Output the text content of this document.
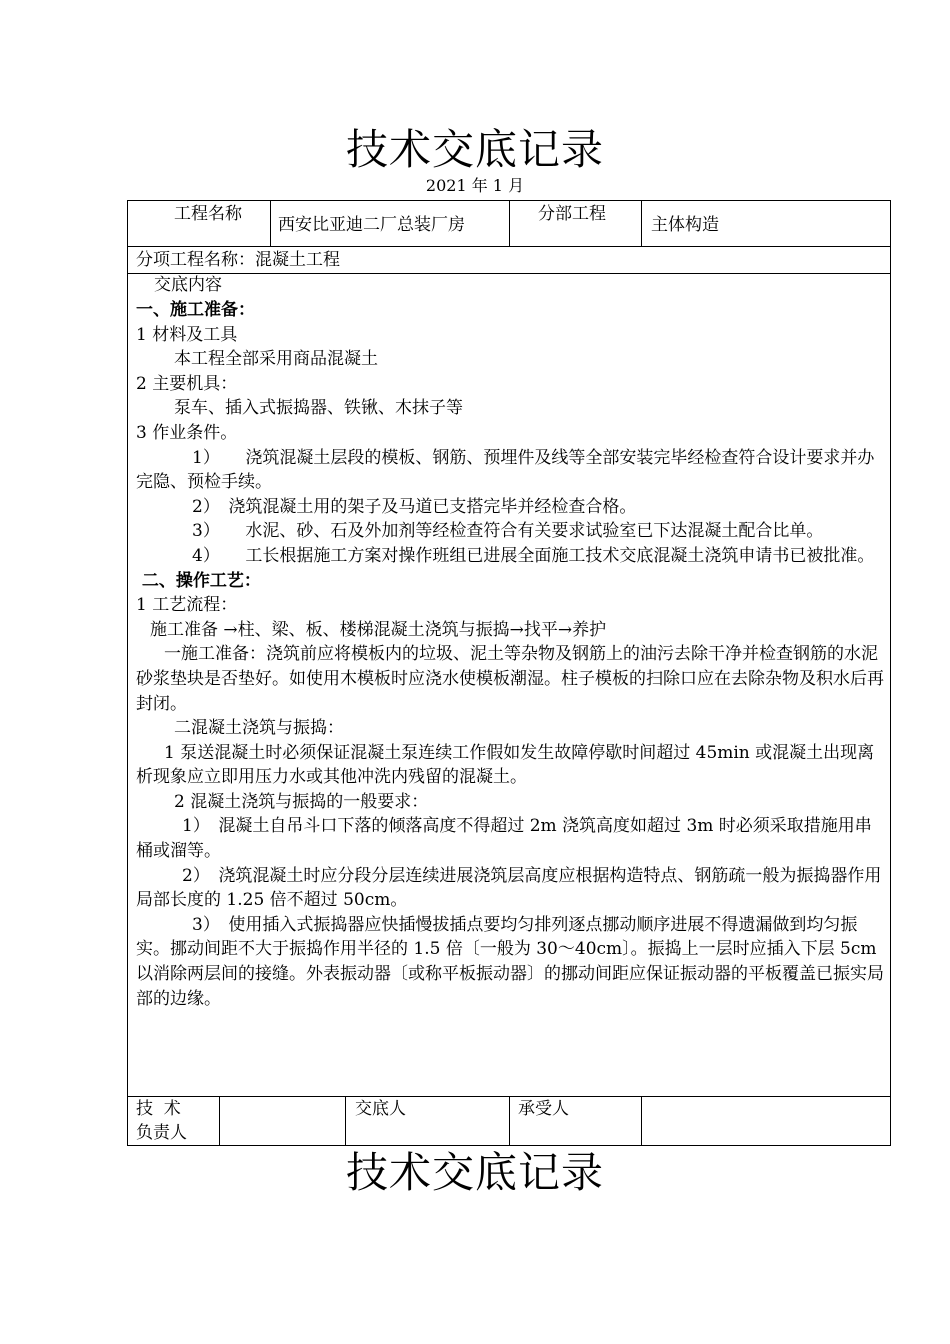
技术交底记录
2021 年 1 月
工程名称
西安比亚迪二厂总装厂房
分部工程
主体构造
分项工程名称：混凝土工程
交底内容
一、施工准备：
1 材料及工具
本工程全部采用商品混凝土
2 主要机具：
泵车、插入式振捣器、铁锹、木抹子等
3 作业条件。
1）　　浇筑混凝土层段的模板、钢筋、预埋件及线等全部安装完毕经检查符合设计要求并办完隐、预检手续。
2）　浇筑混凝土用的架子及马道已支搭完毕并经检查合格。
3）　　水泥、砂、石及外加剂等经检查符合有关要求试验室已下达混凝土配合比单。
4）　　工长根据施工方案对操作班组已进展全面施工技术交底混凝土浇筑申请书已被批准。
二、操作工艺：
1 工艺流程：
施工准备 →柱、梁、板、楼梯混凝土浇筑与振捣→找平→养护
一施工准备：浇筑前应将模板内的垃圾、泥土等杂物及钢筋上的油污去除干净并检查钢筋的水泥砂浆垫块是否垫好。如使用木模板时应浇水使模板潮湿。柱子模板的扫除口应在去除杂物及积水后再封闭。
二混凝土浇筑与振捣：
1 泵送混凝土时必须保证混凝土泵连续工作假如发生故障停歇时间超过 45min 或混凝土出现离析现象应立即用压力水或其他冲洗内残留的混凝土。
2 混凝土浇筑与振捣的一般要求：
1）　混凝土自吊斗口下落的倾落高度不得超过 2m 浇筑高度如超过 3m 时必须采取措施用串桶或溜等。
2）　浇筑混凝土时应分段分层连续进展浇筑层高度应根据构造特点、钢筋疏一般为振捣器作用局部长度的 1.25 倍不超过 50cm。
3）　使用插入式振捣器应快插慢拔插点要均匀排列逐点挪动顺序进展不得遗漏做到均匀振实。挪动间距不大于振捣作用半径的 1.5 倍〔一般为 30～40cm〕。振捣上一层时应插入下层 5cm 以消除两层间的接缝。外表振动器〔或称平板振动器〕的挪动间距应保证振动器的平板覆盖已振实局部的边缘。
技  术
负责人
交底人	承受人
技术交底记录
